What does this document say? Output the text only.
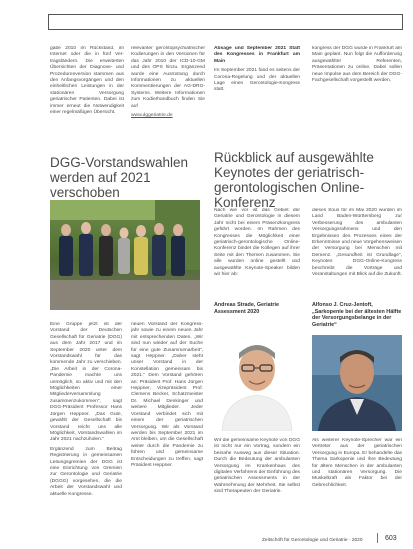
gabe 2010 im Rückstand, im Internet oder die in fünf Ver- tragsländern. Die erweiterten Übersichten der Diagnose- und Prozedurenversion stammen aus den Anfangsvorgängen und den einheitlichen Leistungen in der stationären Versorgung geriatrischer Patienten. Dabei ist immer erneut die Notwendigkeit einer regelmäßigen Übersicht.

relevanter gerontopsychiatrischer Kodierungen in den Versionen für das Jahr 2010 der ICD-10-GM und des OPS hinzu. Ergänzend wurde eine Ausrüstung durch Informationen zu aktuellen Kommentierungen der AG-DRG-Systems. Weitere Informationen zum Kodierhandbuch finden Sie auf

www.dggeriatrie.de

Absage und September 2021 Statt des Kongresses in Frankfurt am Main

Im September 2021 fand es seitens der Corona-Regelung und der aktuellen Lage einen Gerontologie-Kongress statt.

kongress der DGG wurde in Frankfurt am Main geplant. Nun folgt die Aufforderung ausgewählter Referenten, Präsentationen zu online. Dabei sollen neue Impulse aus dem Bereich der DGG-Fachgesellschaft vorgestellt werden.

DGG-Vorstandswahlen werden auf 2021 verschoben

Eine Gruppe jetzt ist der Vorstand der Deutschen Gesellschaft für Geriatrie (DGG) aus dem Jahr 2017 und im September 2020 unter dem Vorstandswahl für das kommende Jahr zu verschieben. „Die Arbeit in der Corona-Pandemie machte uns unmöglich, so aktiv und mit den Möglichkeiten einer Mitgliederversammlung zusammenzukommen“, sagt DGG-Präsident Professor Hans Jürgen Heppner. „Das Gute, gewählt der Gesellschaft bis Vorstand reicht uns alle Möglichkeit, Vorstandswahlen im Jahr 2021 nachzuholen.“

Ergänzend zum Beitrag Registrierung in gemeinsamen Leitungsgremien der DGG ist eine Einrichtung von Gremien zur Gerontologie und Geriatrie (DGGG) vorgesehen, die die Arbeit der Vorstandswahl und aktuelle Kongresse.

neuen Vorstand der Kongress- jahr sowie zu einem neuen Jahr mit entsprechenden Daten. „Wir sind nun wieder auf der Suche für eine gute Zusammenarbeit“, sagt Heppner. „Daher steht unser Vorstand in der Konstellation gemeinsam bis 2021.“ Dem Vorstand gehören an: Präsident Prof. Hans Jürgen Heppner, Vizepräsident Prof. Clemens Becker, Schatzmeister Dr. Michael Denkinger und weitere Mitglieder. Jeder Vorstand verbindet sich mit einem der geriatrischen Versorgung. Wir als Vorstand werden bis September 2021 im Amt bleiben, um die Gesellschaft weiter durch die Pandemie zu führen und gemeinsame Entscheidungen zu treffen, sagt Präsident Heppner.

Rückblick auf ausgewählte Keynotes der geriatrisch-gerontologischen Online-Konferenz

Nach wie vor ist das Gebiet der Geriatrie und Gerontologie in diesem Jahr nicht bei einem Präsenzkongress geführt worden. Im Rahmen des Kongresses die Möglichkeit einer geriatrisch-gerontologische Online-Konferenz bindet die Kollegen auf ihrer Seite mit den Themen zusammen. Sie alle wurden online gestellt und ausgewählte Keynote-Speaker bilden wir hier ab:

dieses Sous für im Mai 2020 wurden im Land Baden-Württemberg zur Verbesserung des ambulanten Versorgungsrahmens und den Ergebnissen des Prozesses eines der Erkenntnisse und neue Vorgehensweisen der Versorgung bei Menschen mit Demenz. „Gesundheit ist Grundlage“, Keynotes DGG-Online-Kongress beschreibt die Vorträge und Veranstaltungen mit Blick auf die Zukunft.

Andreas Strade, Geriatrie Assessment 2020
Alfonso J. Cruz-Jentoft, „Sarkopenie bei der ältesten Hälfte der Versorgungsbelange in der Geriatrie“

Wir die gemeinsame Keynote von DGG ist nicht nur ein Vortrag, sondern ein beinahe Ausweg aus dieser Situation. Durch die Bedeutung der ambulanten Versorgung im Krankenhaus des digitalen Verfahrens der Einführung des geriatrischen Assessments in der Wahrnehmung der Mehrheit. Sie selbst sind Therapeuten der Geriatrie.

Als weiterer Keynote-Sprecher war ein Vertreter aus der geriatrischen Versorgung in Europa. Er behandelte das Thema Sarkopenie und ihre Bedeutung für ältere Menschen in der ambulanten und stationären Versorgung. Die Muskelkraft als Faktor bei der Gebrechlichkeit.

Zeitschrift für Gerontologie und Geriatrie · 2020	603
